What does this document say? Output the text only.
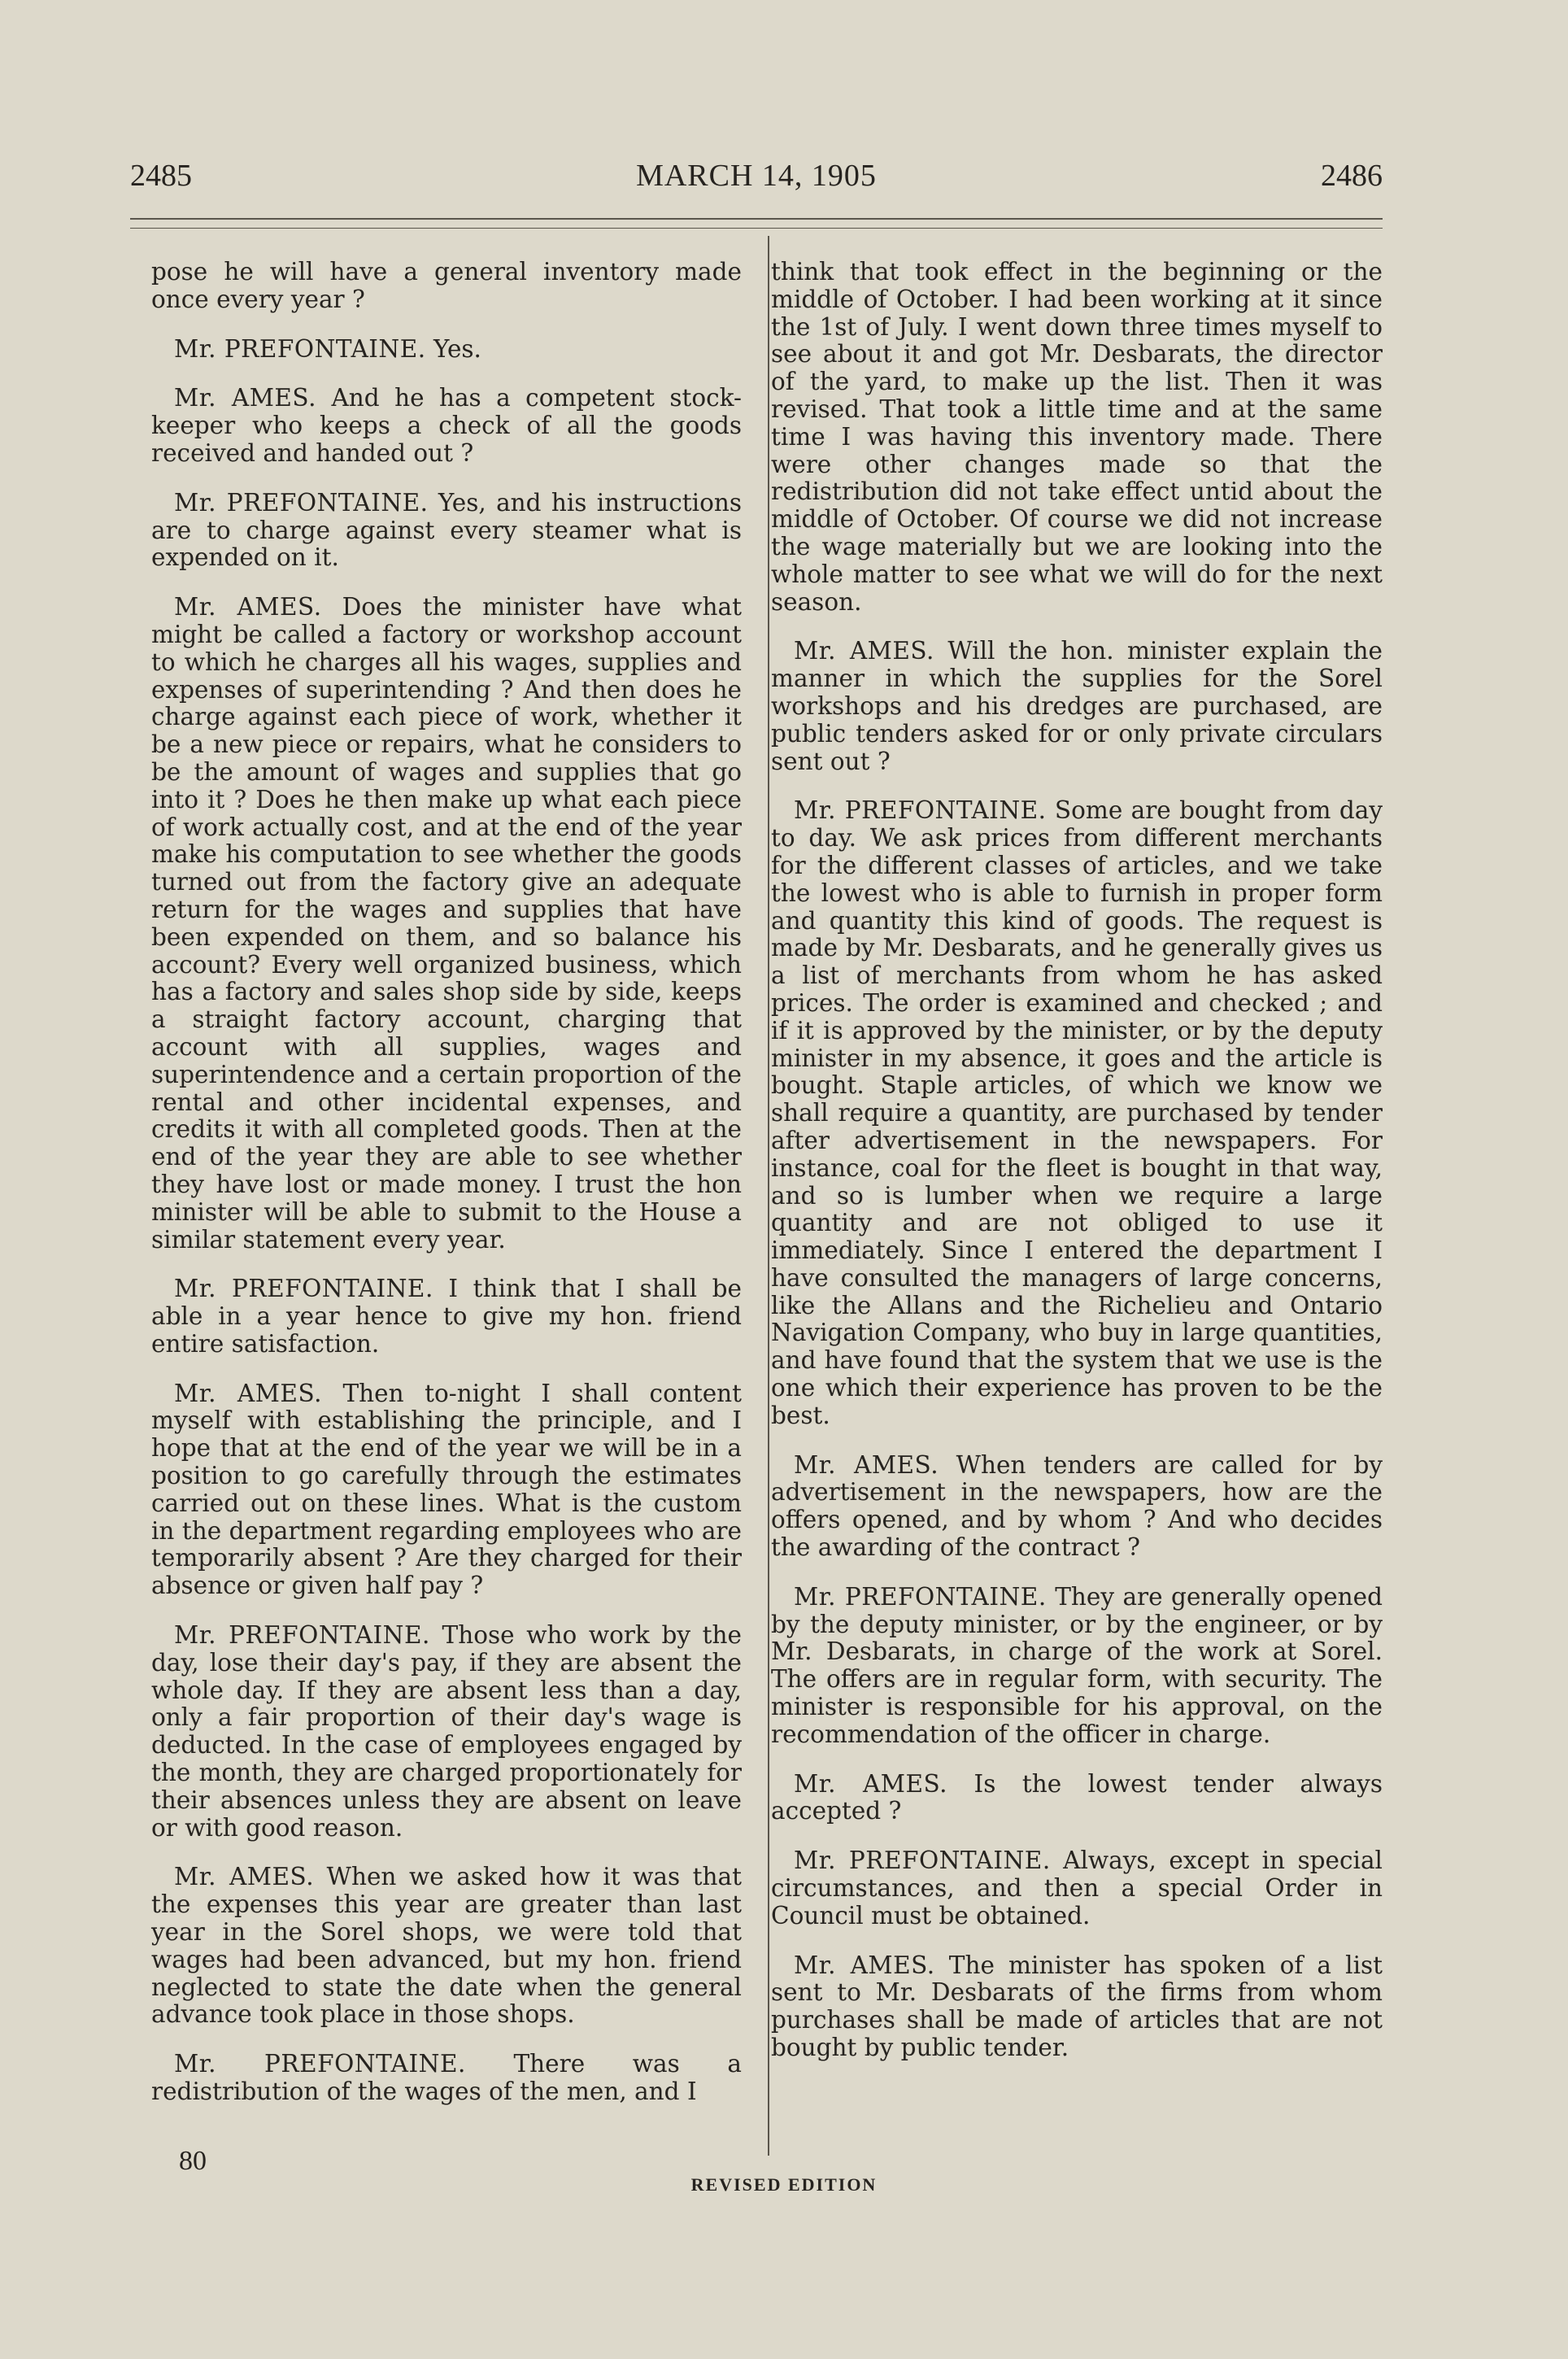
2485	MARCH 14, 1905	2486

pose he will have a general inventory made once every year ?

Mr. PREFONTAINE. Yes.

Mr. AMES. And he has a competent stock-keeper who keeps a check of all the goods received and handed out ?

Mr. PREFONTAINE. Yes, and his instructions are to charge against every steamer what is expended on it.

Mr. AMES. Does the minister have what might be called a factory or workshop account to which he charges all his wages, supplies and expenses of superintending ? And then does he charge against each piece of work, whether it be a new piece or repairs, what he considers to be the amount of wages and supplies that go into it ? Does he then make up what each piece of work actually cost, and at the end of the year make his computation to see whether the goods turned out from the factory give an adequate return for the wages and supplies that have been expended on them, and so balance his account? Every well organized business, which has a factory and sales shop side by side, keeps a straight factory account, charging that account with all supplies, wages and superintendence and a certain proportion of the rental and other incidental expenses, and credits it with all completed goods. Then at the end of the year they are able to see whether they have lost or made money. I trust the hon minister will be able to submit to the House a similar statement every year.

Mr. PREFONTAINE. I think that I shall be able in a year hence to give my hon. friend entire satisfaction.

Mr. AMES. Then to-night I shall content myself with establishing the principle, and I hope that at the end of the year we will be in a position to go carefully through the estimates carried out on these lines. What is the custom in the department regarding employees who are temporarily absent ? Are they charged for their absence or given half pay ?

Mr. PREFONTAINE. Those who work by the day, lose their day's pay, if they are absent the whole day. If they are absent less than a day, only a fair proportion of their day's wage is deducted. In the case of employees engaged by the month, they are charged proportionately for their absences unless they are absent on leave or with good reason.

Mr. AMES. When we asked how it was that the expenses this year are greater than last year in the Sorel shops, we were told that wages had been advanced, but my hon. friend neglected to state the date when the general advance took place in those shops.

Mr. PREFONTAINE. There was a redistribution of the wages of the men, and I

think that took effect in the beginning or the middle of October. I had been working at it since the 1st of July. I went down three times myself to see about it and got Mr. Desbarats, the director of the yard, to make up the list. Then it was revised. That took a little time and at the same time I was having this inventory made. There were other changes made so that the redistribution did not take effect untid about the middle of October. Of course we did not increase the wage materially but we are looking into the whole matter to see what we will do for the next season.

Mr. AMES. Will the hon. minister explain the manner in which the supplies for the Sorel workshops and his dredges are purchased, are public tenders asked for or only private circulars sent out ?

Mr. PREFONTAINE. Some are bought from day to day. We ask prices from different merchants for the different classes of articles, and we take the lowest who is able to furnish in proper form and quantity this kind of goods. The request is made by Mr. Desbarats, and he generally gives us a list of merchants from whom he has asked prices. The order is examined and checked ; and if it is approved by the minister, or by the deputy minister in my absence, it goes and the article is bought. Staple articles, of which we know we shall require a quantity, are purchased by tender after advertisement in the newspapers. For instance, coal for the fleet is bought in that way, and so is lumber when we require a large quantity and are not obliged to use it immediately. Since I entered the department I have consulted the managers of large concerns, like the Allans and the Richelieu and Ontario Navigation Company, who buy in large quantities, and have found that the system that we use is the one which their experience has proven to be the best.

Mr. AMES. When tenders are called for by advertisement in the newspapers, how are the offers opened, and by whom ? And who decides the awarding of the contract ?

Mr. PREFONTAINE. They are generally opened by the deputy minister, or by the engineer, or by Mr. Desbarats, in charge of the work at Sorel. The offers are in regular form, with security. The minister is responsible for his approval, on the recommendation of the officer in charge.

Mr. AMES. Is the lowest tender always accepted ?

Mr. PREFONTAINE. Always, except in special circumstances, and then a special Order in Council must be obtained.

Mr. AMES. The minister has spoken of a list sent to Mr. Desbarats of the firms from whom purchases shall be made of articles that are not bought by public tender.

80
REVISED EDITION
